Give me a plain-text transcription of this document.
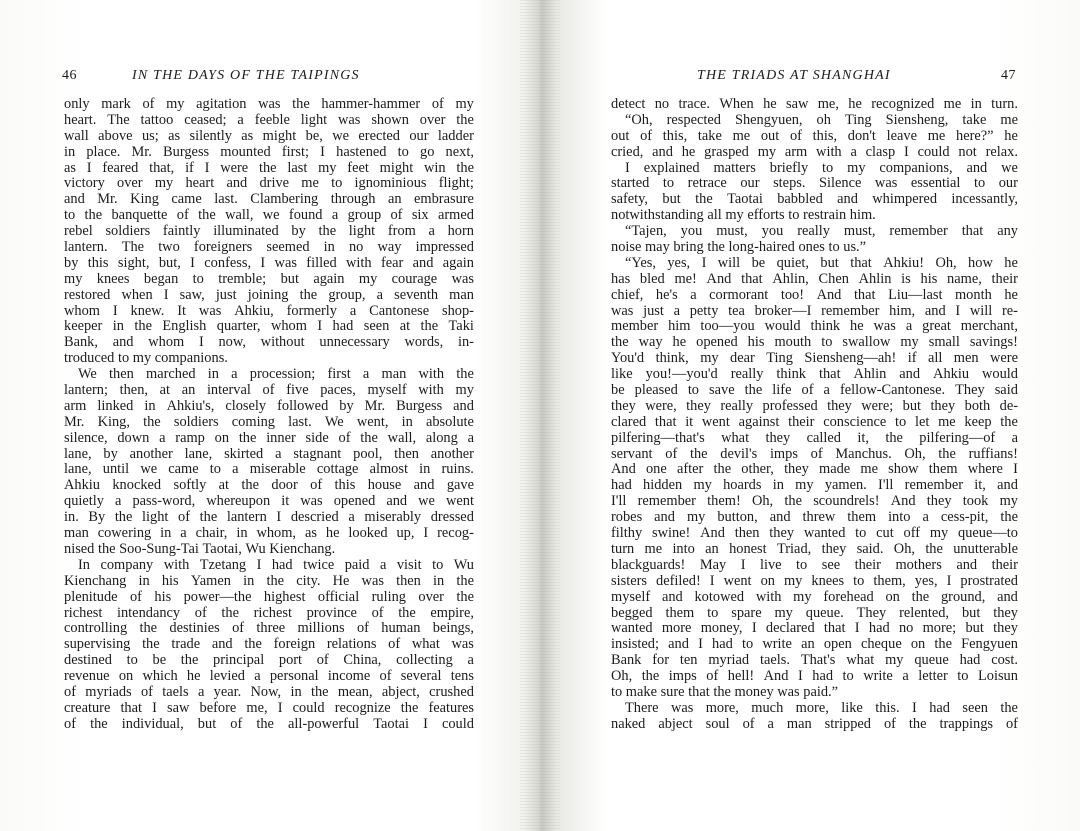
46	IN THE DAYS OF THE TAIPINGS
only mark of my agitation was the hammer-hammer of my
heart. The tattoo ceased; a feeble light was shown over the
wall above us; as silently as might be, we erected our ladder
in place. Mr. Burgess mounted first; I hastened to go next,
as I feared that, if I were the last my feet might win the
victory over my heart and drive me to ignominious flight;
and Mr. King came last. Clambering through an embrasure
to the banquette of the wall, we found a group of six armed
rebel soldiers faintly illuminated by the light from a horn
lantern. The two foreigners seemed in no way impressed
by this sight, but, I confess, I was filled with fear and again
my knees began to tremble; but again my courage was
restored when I saw, just joining the group, a seventh man
whom I knew. It was Ahkiu, formerly a Cantonese shop-
keeper in the English quarter, whom I had seen at the Taki
Bank, and whom I now, without unnecessary words, in-
troduced to my companions.
We then marched in a procession; first a man with the
lantern; then, at an interval of five paces, myself with my
arm linked in Ahkiu's, closely followed by Mr. Burgess and
Mr. King, the soldiers coming last. We went, in absolute
silence, down a ramp on the inner side of the wall, along a
lane, by another lane, skirted a stagnant pool, then another
lane, until we came to a miserable cottage almost in ruins.
Ahkiu knocked softly at the door of this house and gave
quietly a pass-word, whereupon it was opened and we went
in. By the light of the lantern I descried a miserably dressed
man cowering in a chair, in whom, as he looked up, I recog-
nised the Soo-Sung-Tai Taotai, Wu Kienchang.
In company with Tzetang I had twice paid a visit to Wu
Kienchang in his Yamen in the city. He was then in the
plenitude of his power—the highest official ruling over the
richest intendancy of the richest province of the empire,
controlling the destinies of three millions of human beings,
supervising the trade and the foreign relations of what was
destined to be the principal port of China, collecting a
revenue on which he levied a personal income of several tens
of myriads of taels a year. Now, in the mean, abject, crushed
creature that I saw before me, I could recognize the features
of the individual, but of the all-powerful Taotai I could
THE TRIADS AT SHANGHAI	47
detect no trace. When he saw me, he recognized me in turn.
“Oh, respected Shengyuen, oh Ting Siensheng, take me
out of this, take me out of this, don't leave me here?” he
cried, and he grasped my arm with a clasp I could not relax.
I explained matters briefly to my companions, and we
started to retrace our steps. Silence was essential to our
safety, but the Taotai babbled and whimpered incessantly,
notwithstanding all my efforts to restrain him.
“Tajen, you must, you really must, remember that any
noise may bring the long-haired ones to us.”
“Yes, yes, I will be quiet, but that Ahkiu! Oh, how he
has bled me! And that Ahlin, Chen Ahlin is his name, their
chief, he's a cormorant too! And that Liu—last month he
was just a petty tea broker—I remember him, and I will re-
member him too—you would think he was a great merchant,
the way he opened his mouth to swallow my small savings!
You'd think, my dear Ting Siensheng—ah! if all men were
like you!—you'd really think that Ahlin and Ahkiu would
be pleased to save the life of a fellow-Cantonese. They said
they were, they really professed they were; but they both de-
clared that it went against their conscience to let me keep the
pilfering—that's what they called it, the pilfering—of a
servant of the devil's imps of Manchus. Oh, the ruffians!
And one after the other, they made me show them where I
had hidden my hoards in my yamen. I'll remember it, and
I'll remember them! Oh, the scoundrels! And they took my
robes and my button, and threw them into a cess-pit, the
filthy swine! And then they wanted to cut off my queue—to
turn me into an honest Triad, they said. Oh, the unutterable
blackguards! May I live to see their mothers and their
sisters defiled! I went on my knees to them, yes, I prostrated
myself and kotowed with my forehead on the ground, and
begged them to spare my queue. They relented, but they
wanted more money, I declared that I had no more; but they
insisted; and I had to write an open cheque on the Fengyuen
Bank for ten myriad taels. That's what my queue had cost.
Oh, the imps of hell! And I had to write a letter to Loisun
to make sure that the money was paid.”
There was more, much more, like this. I had seen the
naked abject soul of a man stripped of the trappings of
